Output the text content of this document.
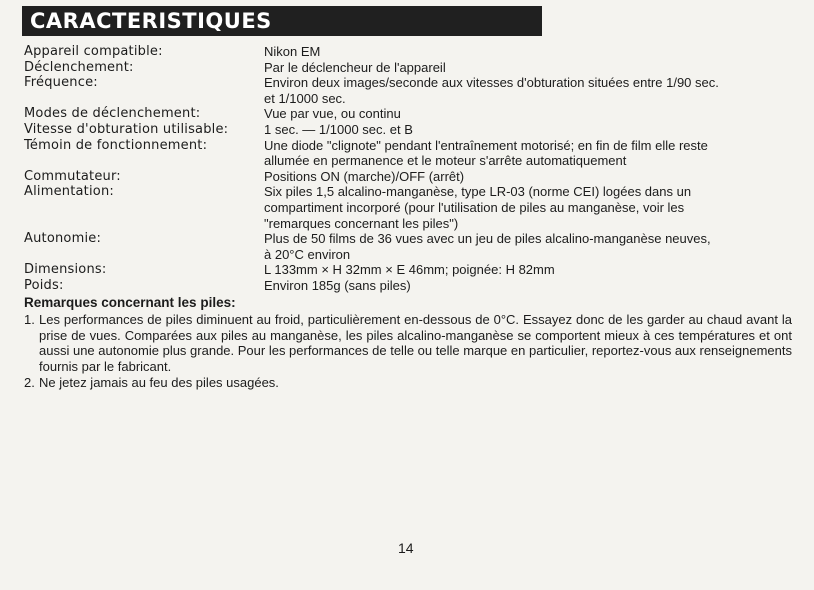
CARACTERISTIQUES
Appareil compatible:	Nikon EM
Déclenchement:	Par le déclencheur de l'appareil
Fréquence:	Environ deux images/seconde aux vitesses d'obturation situées entre 1/90 sec.
et 1/1000 sec.
Modes de déclenchement:	Vue par vue, ou continu
Vitesse d'obturation utilisable:	1 sec. — 1/1000 sec. et B
Témoin de fonctionnement:	Une diode "clignote" pendant l'entraînement motorisé; en fin de film elle reste
allumée en permanence et le moteur s'arrête automatiquement
Commutateur:	Positions ON (marche)/OFF (arrêt)
Alimentation:	Six piles 1,5 alcalino-manganèse, type LR-03 (norme CEI) logées dans un
compartiment incorporé (pour l'utilisation de piles au manganèse, voir les
"remarques concernant les piles")
Autonomie:	Plus de 50 films de 36 vues avec un jeu de piles alcalino-manganèse neuves,
à 20°C environ
Dimensions:	L 133mm × H 32mm × E 46mm; poignée: H 82mm
Poids:	Environ 185g (sans piles)
Remarques concernant les piles:
1. Les performances de piles diminuent au froid, particulièrement en-dessous de 0°C. Essayez donc de les garder au chaud avant la prise de vues. Comparées aux piles au manganèse, les piles alcalino-manganèse se comportent mieux à ces températures et ont aussi une autonomie plus grande. Pour les performances de telle ou telle marque en particulier, reportez-vous aux renseignements fournis par le fabricant.
2. Ne jetez jamais au feu des piles usagées.
14
